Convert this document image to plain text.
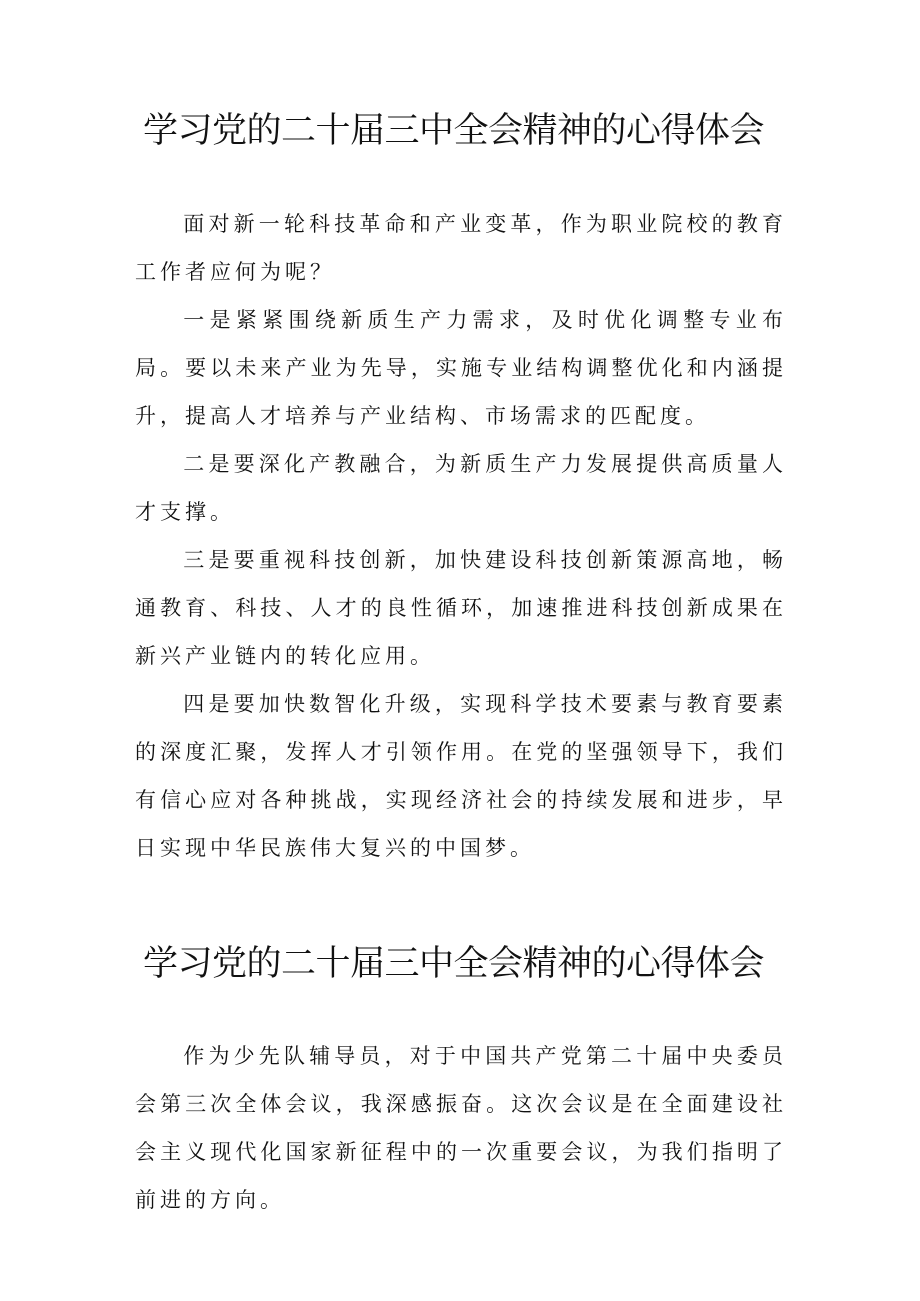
学习党的二十届三中全会精神的心得体会

面对新一轮科技革命和产业变革，作为职业院校的教育工作者应何为呢？

一是紧紧围绕新质生产力需求，及时优化调整专业布局。要以未来产业为先导，实施专业结构调整优化和内涵提升，提高人才培养与产业结构、市场需求的匹配度。

二是要深化产教融合，为新质生产力发展提供高质量人才支撑。

三是要重视科技创新，加快建设科技创新策源高地，畅通教育、科技、人才的良性循环，加速推进科技创新成果在新兴产业链内的转化应用。

四是要加快数智化升级，实现科学技术要素与教育要素的深度汇聚，发挥人才引领作用。在党的坚强领导下，我们有信心应对各种挑战，实现经济社会的持续发展和进步，早日实现中华民族伟大复兴的中国梦。

学习党的二十届三中全会精神的心得体会

作为少先队辅导员，对于中国共产党第二十届中央委员会第三次全体会议，我深感振奋。这次会议是在全面建设社会主义现代化国家新征程中的一次重要会议，为我们指明了前进的方向。
